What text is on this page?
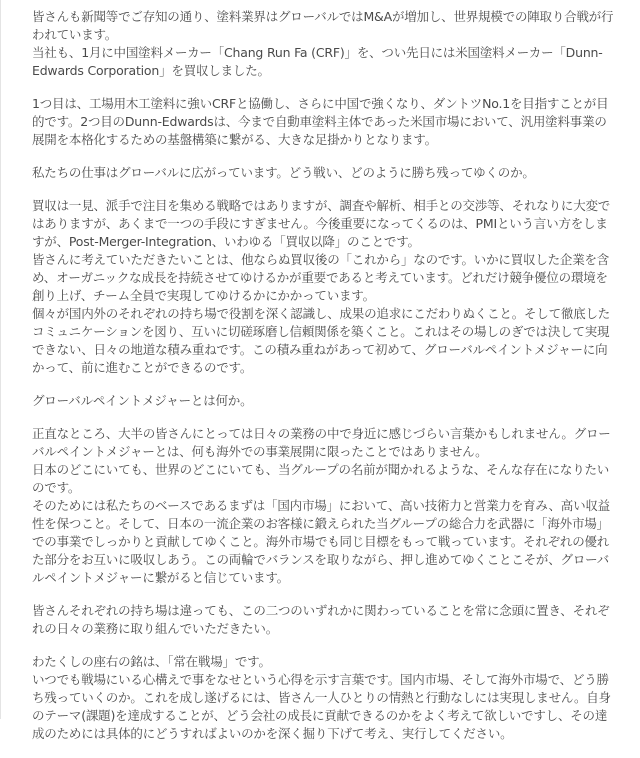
皆さんも新聞等でご存知の通り、塗料業界はグローバルではM&Aが増加し、世界規模での陣取り合戦が行われています。
当社も、1月に中国塗料メーカー「Chang Run Fa (CRF)」を、つい先日には米国塗料メーカー「Dunn-Edwards Corporation」を買収しました。

1つ目は、工場用木工塗料に強いCRFと協働し、さらに中国で強くなり、ダントツNo.1を目指すことが目的です。2つ目のDunn-Edwardsは、今まで自動車塗料主体であった米国市場において、汎用塗料事業の展開を本格化するための基盤構築に繋がる、大きな足掛かりとなります。

私たちの仕事はグローバルに広がっています。どう戦い、どのように勝ち残ってゆくのか。

買収は一見、派手で注目を集める戦略ではありますが、調査や解析、相手との交渉等、それなりに大変ではありますが、あくまで一つの手段にすぎません。今後重要になってくるのは、PMIという言い方をしますが、Post-Merger-Integration、いわゆる「買収以降」のことです。
皆さんに考えていただきたいことは、他ならぬ買収後の「これから」なのです。いかに買収した企業を含め、オーガニックな成長を持続させてゆけるかが重要であると考えています。どれだけ競争優位の環境を創り上げ、チーム全員で実現してゆけるかにかかっています。
個々が国内外のそれぞれの持ち場で役割を深く認識し、成果の追求にこだわりぬくこと。そして徹底したコミュニケーションを図り、互いに切磋琢磨し信頼関係を築くこと。これはその場しのぎでは決して実現できない、日々の地道な積み重ねです。この積み重ねがあって初めて、グローバルペイントメジャーに向かって、前に進むことができるのです。

グローバルペイントメジャーとは何か。

正直なところ、大半の皆さんにとっては日々の業務の中で身近に感じづらい言葉かもしれません。グローバルペイントメジャーとは、何も海外での事業展開に限ったことではありません。
日本のどこにいても、世界のどこにいても、当グループの名前が聞かれるような、そんな存在になりたいのです。
そのためには私たちのベースであるまずは「国内市場」において、高い技術力と営業力を育み、高い収益性を保つこと。そして、日本の一流企業のお客様に鍛えられた当グループの総合力を武器に「海外市場」での事業でしっかりと貢献してゆくこと。海外市場でも同じ目標をもって戦っています。それぞれの優れた部分をお互いに吸収しあう。この両輪でバランスを取りながら、押し進めてゆくことこそが、グローバルペイントメジャーに繋がると信じています。

皆さんそれぞれの持ち場は違っても、この二つのいずれかに関わっていることを常に念頭に置き、それぞれの日々の業務に取り組んでいただきたい。

わたくしの座右の銘は、「常在戦場」です。
いつでも戦場にいる心構えで事をなせという心得を示す言葉です。国内市場、そして海外市場で、どう勝ち残っていくのか。これを成し遂げるには、皆さん一人ひとりの情熱と行動なしには実現しません。自身のテーマ(課題)を達成することが、どう会社の成長に貢献できるのかをよく考えて欲しいですし、その達成のためには具体的にどうすればよいのかを深く掘り下げて考え、実行してください。
